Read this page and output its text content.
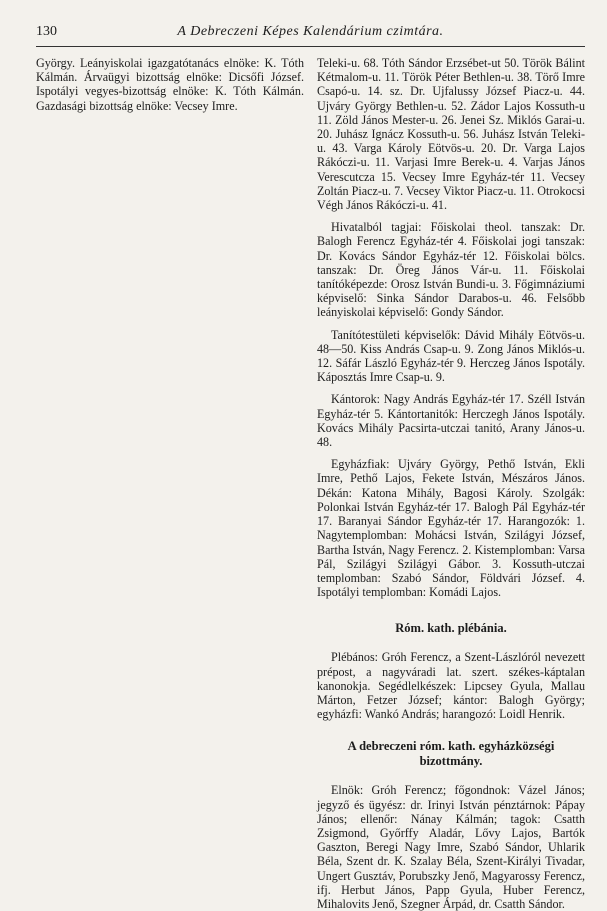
130	A Debreczeni Képes Kalendárium czimtára.

György. Leányiskolai igazgatótanács elnöke: K. Tóth Kálmán. Árvaügyi bizottság elnöke: Dicsőfi József. Ispotályi vegyes-bizottság elnöke: K. Tóth Kálmán. Gazdasági bizottság elnöke: Vecsey Imre.

Teleki-u. 68. Tóth Sándor Erzsébet-ut 50. Török Bálint Kétmalom-u. 11. Török Péter Bethlen-u. 38. Törő Imre Csapó-u. 14. sz. Dr. Ujfalussy József Piacz-u. 44. Ujváry György Bethlen-u. 52. Zádor Lajos Kossuth-u 11. Zöld János Mester-u. 26. Jenei Sz. Miklós Garai-u. 20. Juhász Ignácz Kossuth-u. 56. Juhász István Teleki-u. 43. Varga Károly Eötvös-u. 20. Dr. Varga Lajos Rákóczi-u. 11. Varjasi Imre Berek-u. 4. Varjas János Verescutcza 15. Vecsey Imre Egyház-tér 11. Vecsey Zoltán Piacz-u. 7. Vecsey Viktor Piacz-u. 11. Otrokocsi Végh János Rákóczi-u. 41.

Hivatalból tagjai: Főiskolai theol. tanszak: Dr. Balogh Ferencz Egyház-tér 4. Főiskolai jogi tanszak: Dr. Kovács Sándor Egyház-tér 12. Főiskolai bölcs. tanszak: Dr. Öreg János Vár-u. 11. Főiskolai tanítóképezde: Orosz István Bundi-u. 3. Főgimnáziumi képviselő: Sinka Sándor Darabos-u. 46. Felsőbb leányiskolai képviselő: Gondy Sándor.

Tanítótestületi képviselők: Dávid Mihály Eötvös-u. 48—50. Kiss András Csap-u. 9. Zong János Miklós-u. 12. Sáfár László Egyház-tér 9. Herczeg János Ispotály. Káposztás Imre Csap-u. 9.

Kántorok: Nagy András Egyház-tér 17. Széll István Egyház-tér 5. Kántortanitók: Herczegh János Ispotály. Kovács Mihály Pacsirta-utczai tanitó, Arany János-u. 48.

Egyházfiak: Ujváry György, Pethő István, Ekli Imre, Pethő Lajos, Fekete István, Mészáros János. Dékán: Katona Mihály, Bagosi Károly. Szolgák: Polonkai István Egyház-tér 17. Balogh Pál Egyház-tér 17. Baranyai Sándor Egyház-tér 17. Harangozók: 1. Nagytemplomban: Mohácsi István, Szilágyi József, Bartha István, Nagy Ferencz. 2. Kistemplomban: Varsa Pál, Szilágyi Szilágyi Gábor. 3. Kossuth-utczai templomban: Szabó Sándor, Földvári József. 4. Ispotályi templomban: Komádi Lajos.

Róm. kath. plébánia.

Plébános: Gróh Ferencz, a Szent-Lászlóról nevezett prépost, a nagyváradi lat. szert. székes-káptalan kanonokja. Segédlelkészek: Lipcsey Gyula, Mallau Márton, Fetzer József; kántor: Balogh György; egyházfi: Wankó András; harangozó: Loidl Henrik.

A debreczeni róm. kath. egyházközségi bizottmány.

Elnök: Gróh Ferencz; főgondnok: Vázel János; jegyző és ügyész: dr. Irinyi István pénztárnok: Pápay János; ellenőr: Nánay Kálmán; tagok: Csatth Zsigmond, Győrffy Aladár, Lővy Lajos, Bartók Gaszton, Beregi Nagy Imre, Szabó Sándor, Uhlarik Béla, Szent dr. K. Szalay Béla, Szent-Királyi Tivadar, Ungert Gusztáv, Porubszky Jenő, Magyarossy Ferencz, ifj. Herbut János, Papp Gyula, Huber Ferencz, Mihalovits Jenő, Szegner Árpád, dr. Csatth Sándor.
